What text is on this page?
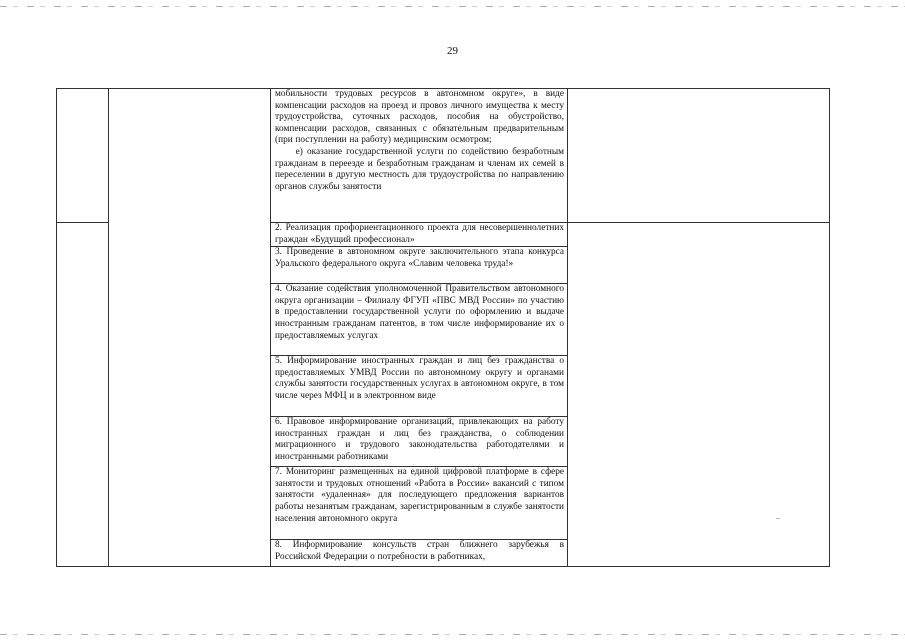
29

		мобильности трудовых ресурсов в автономном округе», в виде компенсации расходов на проезд и провоз личного имущества к месту трудоустройства, суточных расходов, пособия на обустройство, компенсации расходов, связанных с обязательным предварительным (при поступлении на работу) медицинским осмотром;
е) оказание государственной услуги по содействию безработным гражданам в переезде и безработным гражданам и членам их семей в переселении в другую местность для трудоустройства по направлению органов службы занятости	

		2. Реализация профориентационного проекта для несовершеннолетних граждан «Будущий профессионал»	

		3. Проведение в автономном округе заключительного этапа конкурса Уральского федерального округа «Славим человека труда!»	

		4. Оказание содействия уполномоченной Правительством автономного округа организации – Филиалу ФГУП «ПВС МВД России» по участию в предоставлении государственной услуги по оформлению и выдаче иностранным гражданам патентов, в том числе информирование их о предоставляемых услугах	

		5. Информирование иностранных граждан и лиц без гражданства о предоставляемых УМВД России по автономному округу и органами службы занятости государственных услугах в автономном округе, в том числе через МФЦ и в электронном виде	

		6. Правовое информирование организаций, привлекающих на работу иностранных граждан и лиц без гражданства, о соблюдении миграционного и трудового законодательства работодателями и иностранными работниками	

		7. Мониторинг размещенных на единой цифровой платформе в сфере занятости и трудовых отношений «Работа в России» вакансий с типом занятости «удаленная» для последующего предложения вариантов работы незанятым гражданам, зарегистрированным в службе занятости населения автономного округа	

		8. Информирование консульств стран ближнего зарубежья в Российской Федерации о потребности в работниках,	
